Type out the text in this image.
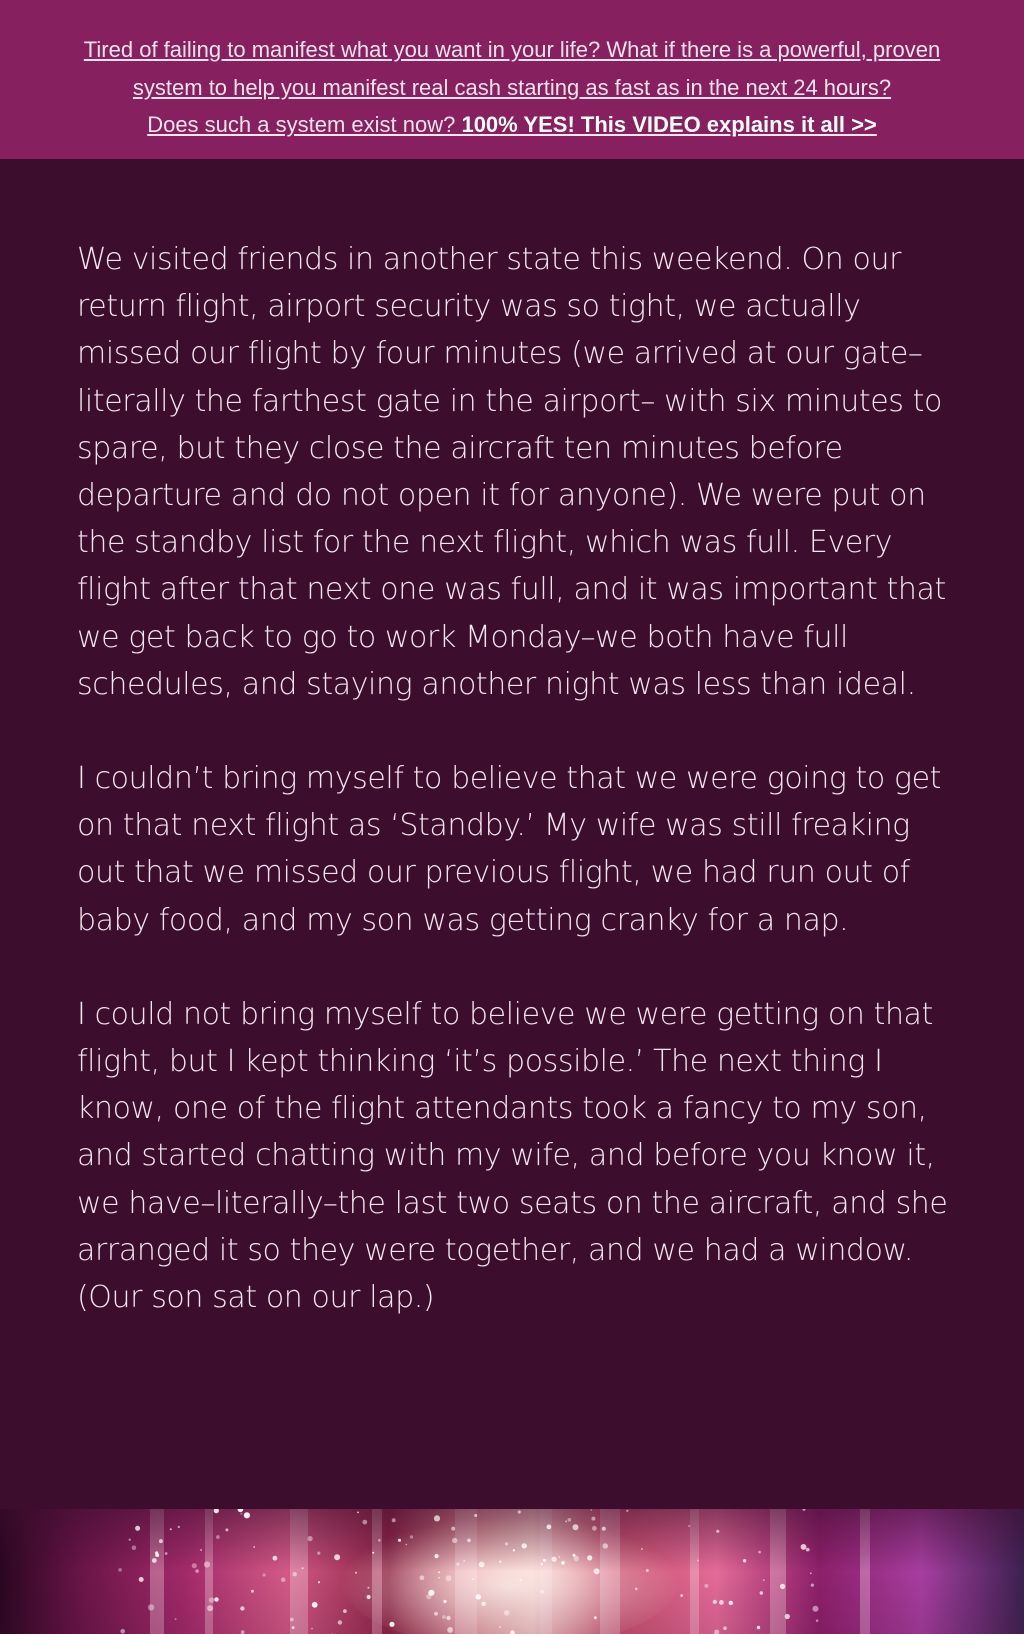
Tired of failing to manifest what you want in your life? What if there is a powerful, proven
system to help you manifest real cash starting as fast as in the next 24 hours?
Does such a system exist now? 100% YES! This VIDEO explains it all >>

We visited friends in another state this weekend. On our return flight, airport security was so tight, we actually missed our flight by four minutes (we arrived at our gate– literally the farthest gate in the airport– with six minutes to spare, but they close the aircraft ten minutes before departure and do not open it for anyone). We were put on the standby list for the next flight, which was full. Every flight after that next one was full, and it was important that we get back to go to work Monday–we both have full schedules, and staying another night was less than ideal.

I couldn’t bring myself to believe that we were going to get on that next flight as ‘Standby.’ My wife was still freaking out that we missed our previous flight, we had run out of baby food, and my son was getting cranky for a nap.

I could not bring myself to believe we were getting on that flight, but I kept thinking ‘it’s possible.’ The next thing I know, one of the flight attendants took a fancy to my son, and started chatting with my wife, and before you know it, we have–literally–the last two seats on the aircraft, and she arranged it so they were together, and we had a window. (Our son sat on our lap.)
